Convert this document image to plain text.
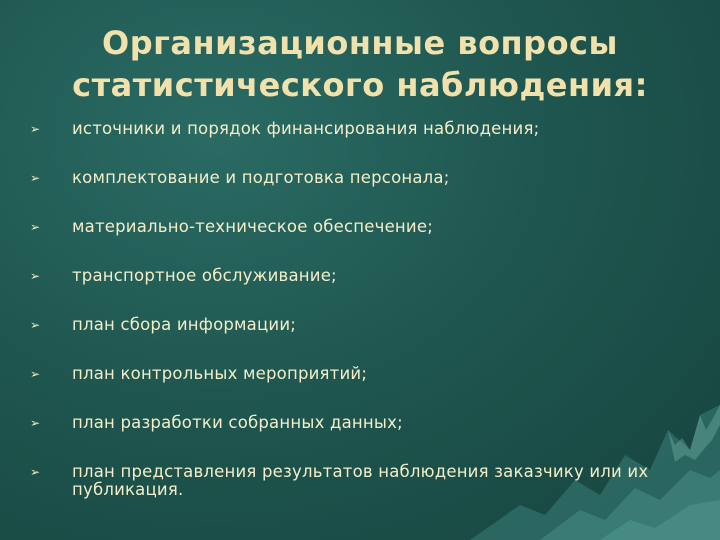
Организационные вопросы
статистического наблюдения:
➢ источники и порядок финансирования наблюдения;
➢ комплектование и подготовка персонала;
➢ материально-техническое обеспечение;
➢ транспортное обслуживание;
➢ план сбора информации;
➢ план контрольных мероприятий;
➢ план разработки собранных данных;
➢ план представления результатов наблюдения заказчику или их публикация.
